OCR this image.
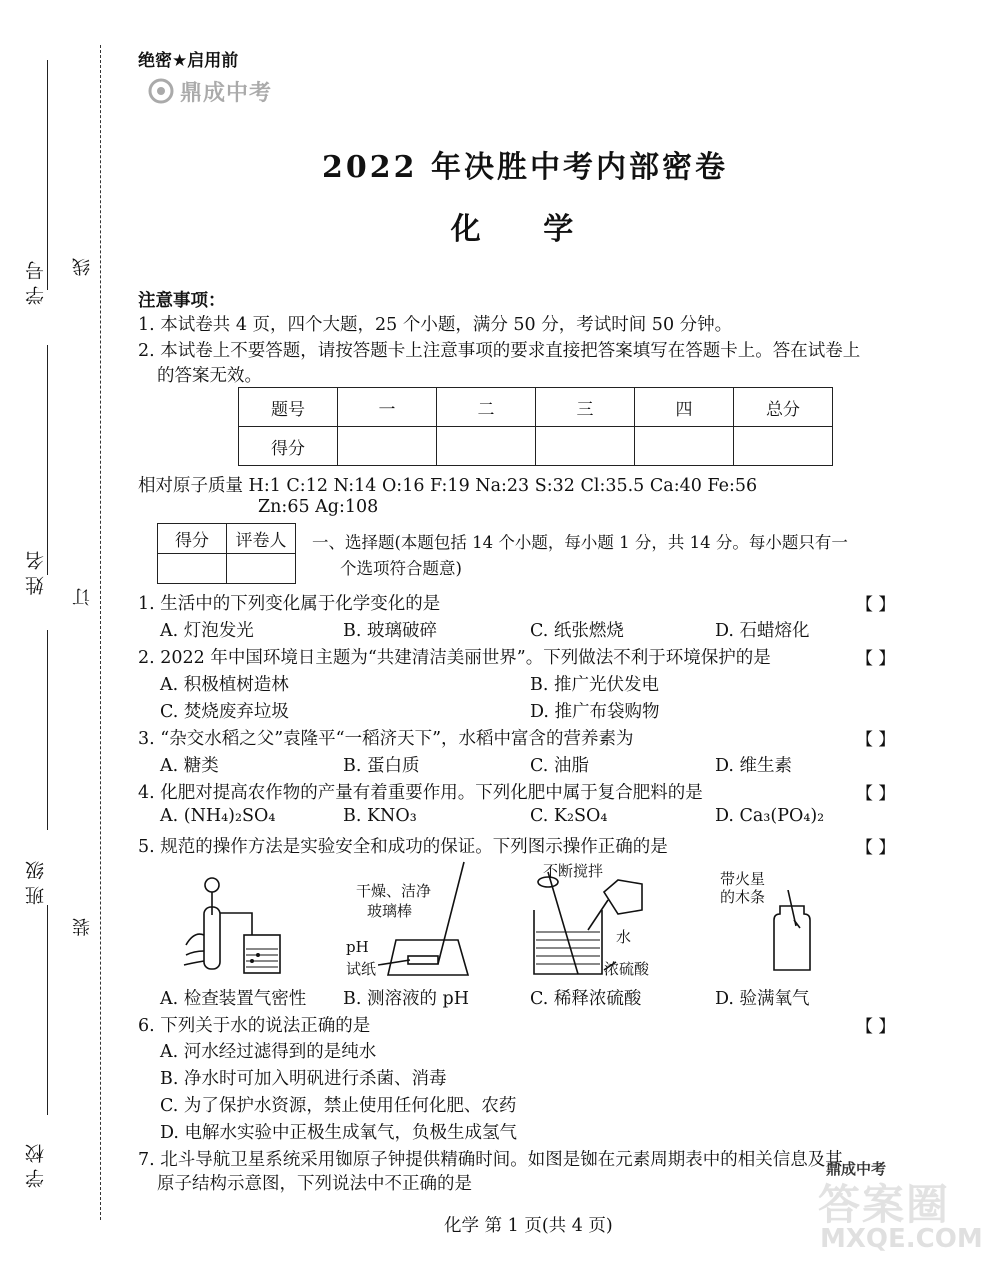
学号
姓名
班级
学校
线
订
装
绝密★启用前
鼎成中考
2022 年决胜中考内部密卷
化 学
注意事项：
1. 本试卷共 4 页，四个大题，25 个小题，满分 50 分，考试时间 50 分钟。
2. 本试卷上不要答题，请按答题卡上注意事项的要求直接把答案填写在答题卡上。答在试卷上
的答案无效。
题号	一	二	三	四	总分
得分					
相对原子质量 H:1 C:12 N:14 O:16 F:19 Na:23 S:32 Cl:35.5 Ca:40 Fe:56
Zn:65 Ag:108
得分	评卷人
	一、选择题(本题包括 14 个小题，每小题 1 分，共 14 分。每小题只有一
个选项符合题意)
1. 生活中的下列变化属于化学变化的是	【 】
A. 灯泡发光	B. 玻璃破碎	C. 纸张燃烧	D. 石蜡熔化
2. 2022 年中国环境日主题为“共建清洁美丽世界”。下列做法不利于环境保护的是	【 】
A. 积极植树造林	B. 推广光伏发电
C. 焚烧废弃垃圾	D. 推广布袋购物
3. “杂交水稻之父”袁隆平“一稻济天下”，水稻中富含的营养素为	【 】
A. 糖类	B. 蛋白质	C. 油脂	D. 维生素
4. 化肥对提高农作物的产量有着重要作用。下列化肥中属于复合肥料的是	【 】
A. (NH₄)₂SO₄	B. KNO₃	C. K₂SO₄	D. Ca₃(PO₄)₂
5. 规范的操作方法是实验安全和成功的保证。下列图示操作正确的是	【 】
干燥、洁净
玻璃棒
pH
试纸
不断搅拌
水
浓硫酸
带火星
的木条
A. 检查装置气密性 B. 测溶液的 pH	C. 稀释浓硫酸	D. 验满氧气
6. 下列关于水的说法正确的是	【 】
A. 河水经过滤得到的是纯水
B. 净水时可加入明矾进行杀菌、消毒
C. 为了保护水资源，禁止使用任何化肥、农药
D. 电解水实验中正极生成氧气，负极生成氢气
7. 北斗导航卫星系统采用铷原子钟提供精确时间。如图是铷在元素周期表中的相关信息及其
原子结构示意图，下列说法中不正确的是
化学 第 1 页(共 4 页)
鼎成中考
答案圈
MXQE.COM
